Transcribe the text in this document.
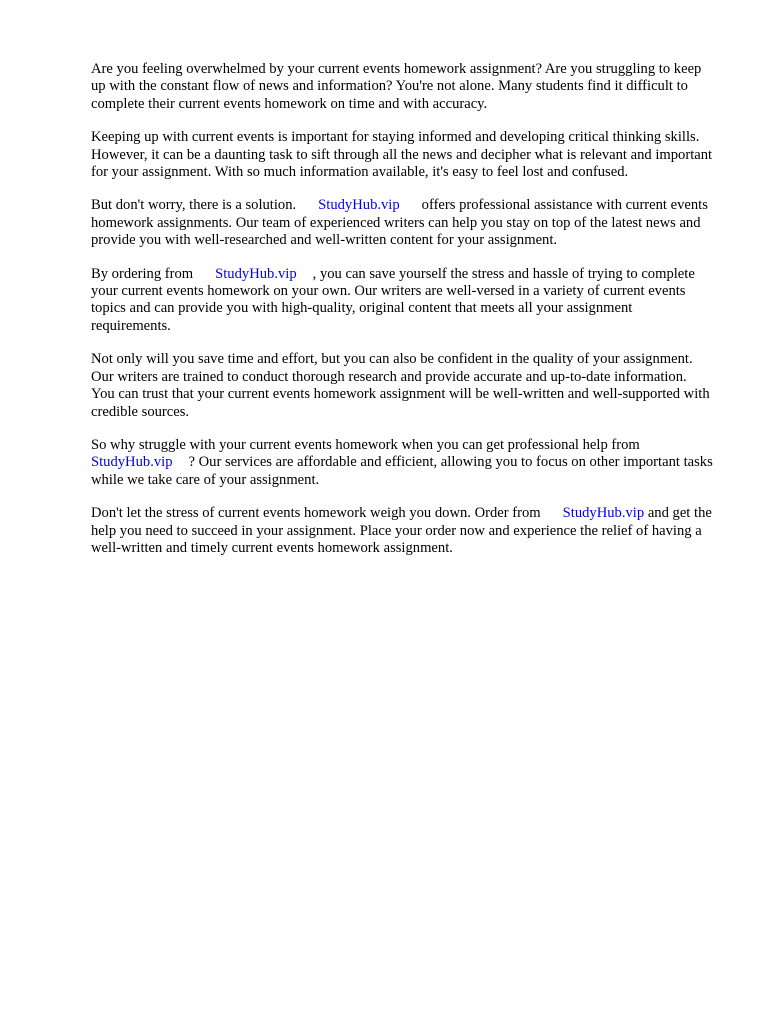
Are you feeling overwhelmed by your current events homework assignment? Are you struggling to keep up with the constant flow of news and information? You're not alone. Many students find it difficult to complete their current events homework on time and with accuracy.

Keeping up with current events is important for staying informed and developing critical thinking skills. However, it can be a daunting task to sift through all the news and decipher what is relevant and important for your assignment. With so much information available, it's easy to feel lost and confused.

But don't worry, there is a solution. StudyHub.vip offers professional assistance with current events homework assignments. Our team of experienced writers can help you stay on top of the latest news and provide you with well-researched and well-written content for your assignment.

By ordering from StudyHub.vip , you can save yourself the stress and hassle of trying to complete your current events homework on your own. Our writers are well-versed in a variety of current events topics and can provide you with high-quality, original content that meets all your assignment requirements.

Not only will you save time and effort, but you can also be confident in the quality of your assignment. Our writers are trained to conduct thorough research and provide accurate and up-to-date information. You can trust that your current events homework assignment will be well-written and well-supported with credible sources.

So why struggle with your current events homework when you can get professional help from StudyHub.vip ? Our services are affordable and efficient, allowing you to focus on other important tasks while we take care of your assignment.

Don't let the stress of current events homework weigh you down. Order from StudyHub.vip and get the help you need to succeed in your assignment. Place your order now and experience the relief of having a well-written and timely current events homework assignment.
